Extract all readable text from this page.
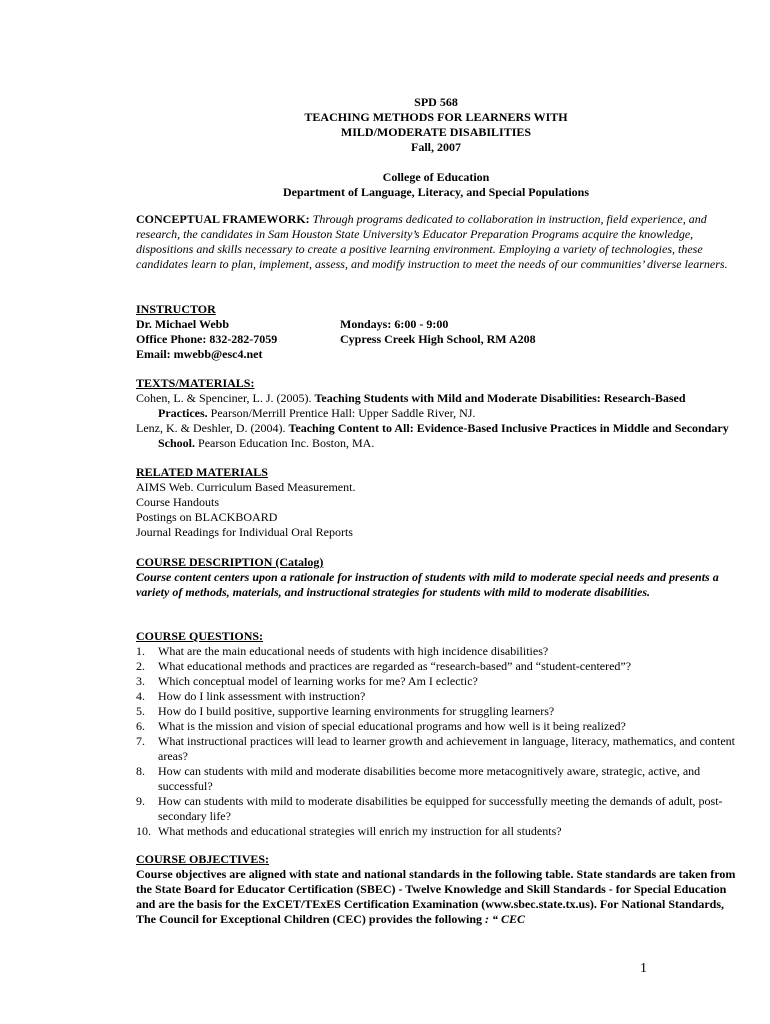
SPD 568
TEACHING METHODS FOR LEARNERS WITH
MILD/MODERATE DISABILITIES
Fall, 2007
College of Education
Department of Language, Literacy, and Special Populations

CONCEPTUAL FRAMEWORK: Through programs dedicated to collaboration in instruction, field experience, and research, the candidates in Sam Houston State University’s Educator Preparation Programs acquire the knowledge, dispositions and skills necessary to create a positive learning environment. Employing a variety of technologies, these candidates learn to plan, implement, assess, and modify instruction to meet the needs of our communities’ diverse learners.

INSTRUCTOR
Dr. Michael Webb
Office Phone: 832-282-7059
Email: mwebb@esc4.net
Mondays: 6:00 - 9:00
Cypress Creek High School, RM A208
TEXTS/MATERIALS:

Cohen, L. & Spenciner, L. J. (2005). Teaching Students with Mild and Moderate Disabilities: Research-Based Practices. Pearson/Merrill Prentice Hall: Upper Saddle River, NJ.

Lenz, K. & Deshler, D. (2004). Teaching Content to All: Evidence-Based Inclusive Practices in Middle and Secondary School. Pearson Education Inc. Boston, MA.

RELATED MATERIALS
AIMS Web. Curriculum Based Measurement.
Course Handouts
Postings on BLACKBOARD
Journal Readings for Individual Oral Reports
COURSE DESCRIPTION (Catalog)

Course content centers upon a rationale for instruction of students with mild to moderate special needs and presents a variety of methods, materials, and instructional strategies for students with mild to moderate disabilities.

COURSE QUESTIONS:
1. What are the main educational needs of students with high incidence disabilities?
2. What educational methods and practices are regarded as “research-based” and “student-centered”?
3. Which conceptual model of learning works for me? Am I eclectic?
4. How do I link assessment with instruction?
5. How do I build positive, supportive learning environments for struggling learners?
6. What is the mission and vision of special educational programs and how well is it being realized?
7. What instructional practices will lead to learner growth and achievement in language, literacy, mathematics, and content areas?
8. How can students with mild and moderate disabilities become more metacognitively aware, strategic, active, and successful?
9. How can students with mild to moderate disabilities be equipped for successfully meeting the demands of adult, post-secondary life?
10. What methods and educational strategies will enrich my instruction for all students?
COURSE OBJECTIVES:

Course objectives are aligned with state and national standards in the following table. State standards are taken from the State Board for Educator Certification (SBEC) - Twelve Knowledge and Skill Standards - for Special Education and are the basis for the ExCET/TExES Certification Examination (www.sbec.state.tx.us). For National Standards, The Council for Exceptional Children (CEC) provides the following : “ CEC

1
